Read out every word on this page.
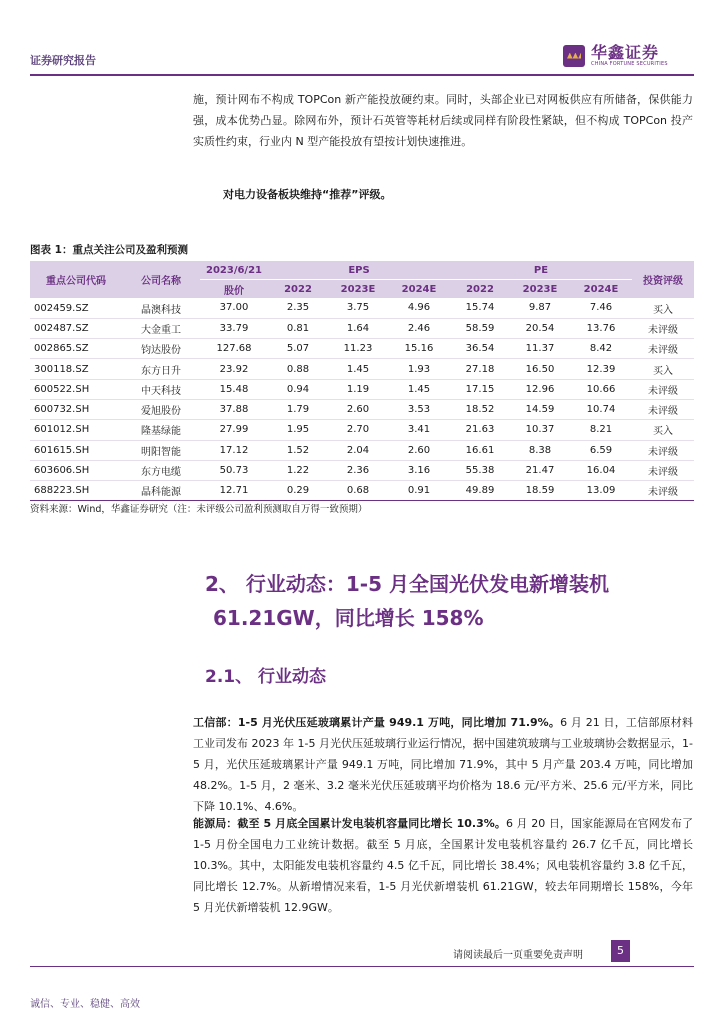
证券研究报告	华鑫证券
CHINA FORTUNE SECURITIES
施，预计网布不构成 TOPCon 新产能投放硬约束。同时，头部企业已对网板供应有所储备，保供能力强，成本优势凸显。除网布外，预计石英管等耗材后续或同样有阶段性紧缺，但不构成 TOPCon 投产实质性约束，行业内 N 型产能投放有望按计划快速推进。
对电力设备板块维持“推荐”评级。
图表 1：重点关注公司及盈利预测
重点公司代码	公司名称	2023/6/21	EPS			PE			投资评级
		股价	2022	2023E	2024E	2022	2023E	2024E	
002459.SZ	晶澳科技	37.00	2.35	3.75	4.96	15.74	9.87	7.46	买入
002487.SZ	大金重工	33.79	0.81	1.64	2.46	58.59	20.54	13.76	未评级
002865.SZ	钧达股份	127.68	5.07	11.23	15.16	36.54	11.37	8.42	未评级
300118.SZ	东方日升	23.92	0.88	1.45	1.93	27.18	16.50	12.39	买入
600522.SH	中天科技	15.48	0.94	1.19	1.45	17.15	12.96	10.66	未评级
600732.SH	爱旭股份	37.88	1.79	2.60	3.53	18.52	14.59	10.74	未评级
601012.SH	隆基绿能	27.99	1.95	2.70	3.41	21.63	10.37	8.21	买入
601615.SH	明阳智能	17.12	1.52	2.04	2.60	16.61	8.38	6.59	未评级
603606.SH	东方电缆	50.73	1.22	2.36	3.16	55.38	21.47	16.04	未评级
688223.SH	晶科能源	12.71	0.29	0.68	0.91	49.89	18.59	13.09	未评级
资料来源：Wind，华鑫证券研究（注：未评级公司盈利预测取自万得一致预期）
2、 行业动态：1-5 月全国光伏发电新增装机
61.21GW，同比增长 158%
2.1、 行业动态
工信部：1-5 月光伏压延玻璃累计产量 949.1 万吨，同比增加 71.9%。6 月 21 日，工信部原材料工业司发布 2023 年 1-5 月光伏压延玻璃行业运行情况，据中国建筑玻璃与工业玻璃协会数据显示，1-5 月，光伏压延玻璃累计产量 949.1 万吨，同比增加 71.9%，其中 5 月产量 203.4 万吨，同比增加 48.2%。1-5 月，2 毫米、3.2 毫米光伏压延玻璃平均价格为 18.6 元/平方米、25.6 元/平方米，同比下降 10.1%、4.6%。
能源局：截至 5 月底全国累计发电装机容量同比增长 10.3%。6 月 20 日，国家能源局在官网发布了 1-5 月份全国电力工业统计数据。截至 5 月底，全国累计发电装机容量约 26.7 亿千瓦，同比增长 10.3%。其中，太阳能发电装机容量约 4.5 亿千瓦，同比增长 38.4%；风电装机容量约 3.8 亿千瓦，同比增长 12.7%。从新增情况来看，1-5 月光伏新增装机 61.21GW，较去年同期增长 158%，今年 5 月光伏新增装机 12.9GW。
请阅读最后一页重要免责声明	5
诚信、专业、稳健、高效
